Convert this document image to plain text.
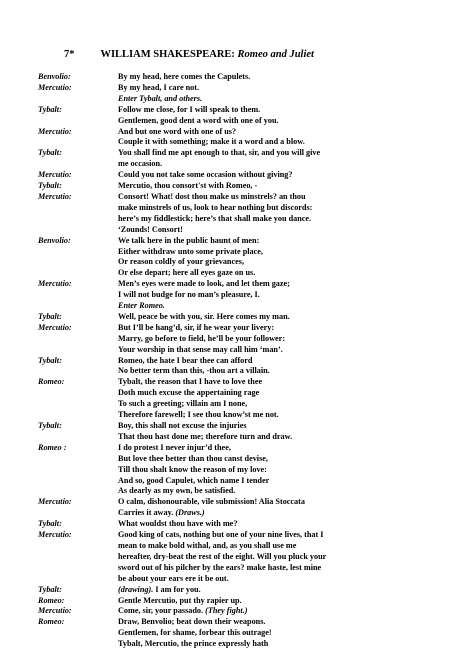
7* WILLIAM SHAKESPEARE: Romeo and Juliet
Benvolio:	By my head, here comes the Capulets.
Mercutio:	By my head, I care not.
Enter Tybalt, and others.
Tybalt:	Follow me close, for I will speak to them.
Gentlemen, good dent a word with one of you.
Mercutio:	And but one word with one of us?
Couple it with something; make it a word and a blow.
Tybalt:	You shall find me apt enough to that, sir, and you will give
me occasion.
Mercutio:	Could you not take some occasion without giving?
Tybalt:	Mercutio, thou consort'st with Romeo, -
Mercutio:	Consort! What! dost thou make us minstrels? an thou
make minstrels of us, look to hear nothing but discords:
here’s my fiddlestick; here’s that shall make you dance.
‘Zounds! Consort!
Benvolio:	We talk here in the public haunt of men:
Either withdraw unto some private place,
Or reason coldly of your grievances,
Or else depart; here all eyes gaze on us.
Mercutio:	Men’s eyes were made to look, and let them gaze;
I will not budge for no man’s pleasure, I.
Enter Romeo.
Tybalt:	Well, peace be with you, sir. Here comes my man.
Mercutio:	But I’ll be hang’d, sir, if he wear your livery:
Marry, go before to field, he’ll be your follower:
Your worship in that sense may call him ‘man’.
Tybalt:	Romeo, the hate I bear thee can afford
No better term than this, -thou art a villain.
Romeo:	Tybalt, the reason that I have to love thee
Doth much excuse the appertaining rage
To such a greeting; villain am I none,
Therefore farewell; I see thou know’st me not.
Tybalt:	Boy, this shall not excuse the injuries
That thou hast done me; therefore turn and draw.
Romeo :	I do protest I never injur’d thee,
But love thee better than thou canst devise,
Till thou shalt know the reason of my love:
And so, good Capulet, which name I tender
As dearly as my own, be satisfied.
Mercutio:	O calm, dishonourable, vile submission! Alia Stoccata
Carries it away. (Draws.)
Tybalt:	What wouldst thou have with me?
Mercutio:	Good king of cats, nothing but one of your nine lives, that I
mean to make bold withal, and, as you shall use me
hereafter, dry-beat the rest of the eight. Will you pluck your
sword out of his pilcher by the ears? make haste, lest mine
be about your ears ere it be out.
Tybalt:	(drawing). I am for you.
Romeo:	Gentle Mercutio, put thy rapier up.
Mercutio:	Come, sir, your passado. (They fight.)
Romeo:	Draw, Benvolio; beat down their weapons.
Gentlemen, for shame, forbear this outrage!
Tybalt, Mercutio, the prince expressly hath
